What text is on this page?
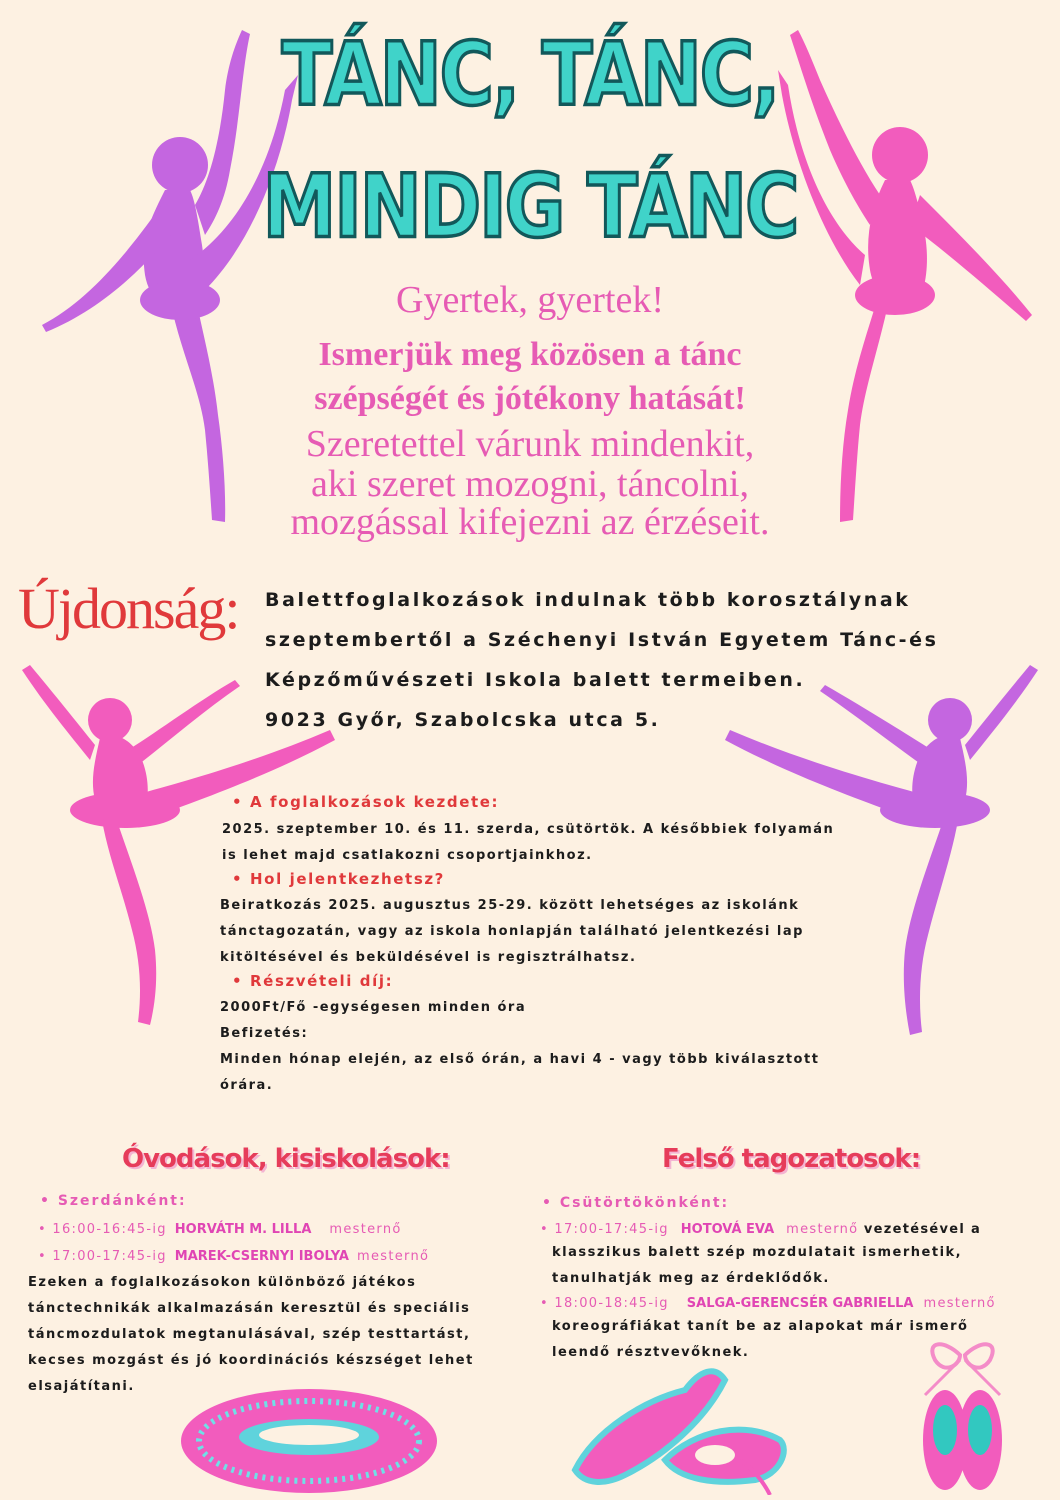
TÁNC, TÁNC,
MINDIG TÁNC
Gyertek, gyertek!
Ismerjük meg közösen a tánc
szépségét és jótékony hatását!
Szeretettel várunk mindenkit,
aki szeret mozogni, táncolni,
mozgással kifejezni az érzéseit.
Újdonság: Balettfoglalkozások indulnak több korosztálynak

szeptembertől a Széchenyi István Egyetem Tánc-és

Képzőművészeti Iskola balett termeiben.

9023 Győr, Szabolcska utca 5.

• A foglalkozások kezdete:
2025. szeptember 10. és 11. szerda, csütörtök. A későbbiek folyamán
is lehet majd csatlakozni csoportjainkhoz.
• Hol jelentkezhetsz?
Beiratkozás 2025. augusztus 25-29. között lehetséges az iskolánk
tánctagozatán, vagy az iskola honlapján található jelentkezési lap
kitöltésével és beküldésével is regisztrálhatsz.
• Részvételi díj:
2000Ft/Fő -egységesen minden óra
Befizetés:
Minden hónap elején, az első órán, a havi 4 - vagy több kiválasztott
órára.
Óvodások, kisiskolások:
• Szerdánként:
• 16:00-16:45-ig HORVÁTH M. LILLA mesternő
• 17:00-17:45-ig MAREK-CSERNYI IBOLYA mesternő
Ezeken a foglalkozásokon különböző játékos
tánctechnikák alkalmazásán keresztül és speciális
táncmozdulatok megtanulásával, szép testtartást,
kecses mozgást és jó koordinációs készséget lehet
elsajátítani.
Felső tagozatosok:
• Csütörtökönként:
• 17:00-17:45-ig HOTOVÁ EVA mesternő vezetésével a
klasszikus balett szép mozdulatait ismerhetik,
tanulhatják meg az érdeklődők.
• 18:00-18:45-ig SALGA-GERENCSÉR GABRIELLA mesternő
koreográfiákat tanít be az alapokat már ismerő
leendő résztvevőknek.
